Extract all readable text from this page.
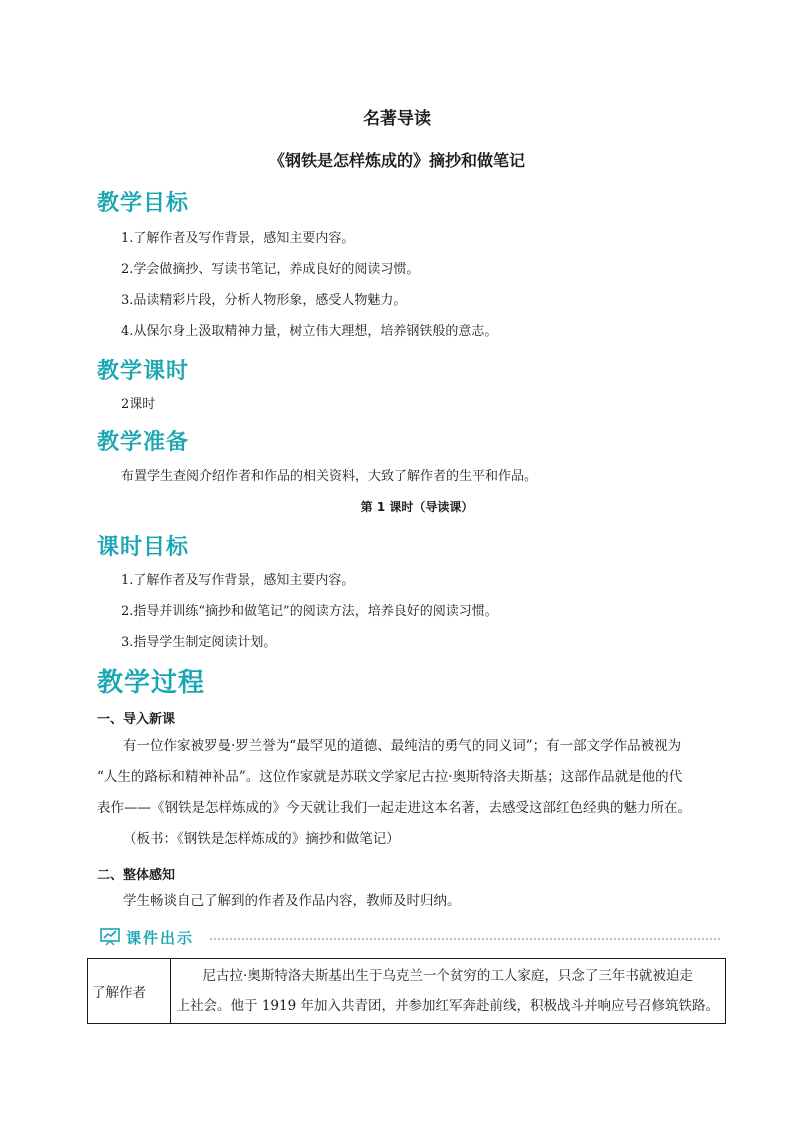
名著导读
《钢铁是怎样炼成的》摘抄和做笔记
教学目标
1.了解作者及写作背景，感知主要内容。
2.学会做摘抄、写读书笔记，养成良好的阅读习惯。
3.品读精彩片段，分析人物形象，感受人物魅力。
4.从保尔身上汲取精神力量，树立伟大理想，培养钢铁般的意志。
教学课时
2课时
教学准备
布置学生查阅介绍作者和作品的相关资料，大致了解作者的生平和作品。
第 1 课时（导读课）
课时目标
1.了解作者及写作背景，感知主要内容。
2.指导并训练“摘抄和做笔记”的阅读方法，培养良好的阅读习惯。
3.指导学生制定阅读计划。
教学过程
一、导入新课
有一位作家被罗曼·罗兰誉为“最罕见的道德、最纯洁的勇气的同义词”；有一部文学作品被视为
“人生的路标和精神补品”。这位作家就是苏联文学家尼古拉·奥斯特洛夫斯基；这部作品就是他的代
表作——《钢铁是怎样炼成的》今天就让我们一起走进这本名著，去感受这部红色经典的魅力所在。
（板书：《钢铁是怎样炼成的》摘抄和做笔记）
二、整体感知
学生畅谈自己了解到的作者及作品内容，教师及时归纳。
课件出示
了解作者	
尼古拉·奥斯特洛夫斯基出生于乌克兰一个贫穷的工人家庭，只念了三年书就被迫走
上社会。他于 1919 年加入共青团，并参加红军奔赴前线，积极战斗并响应号召修筑铁路。
